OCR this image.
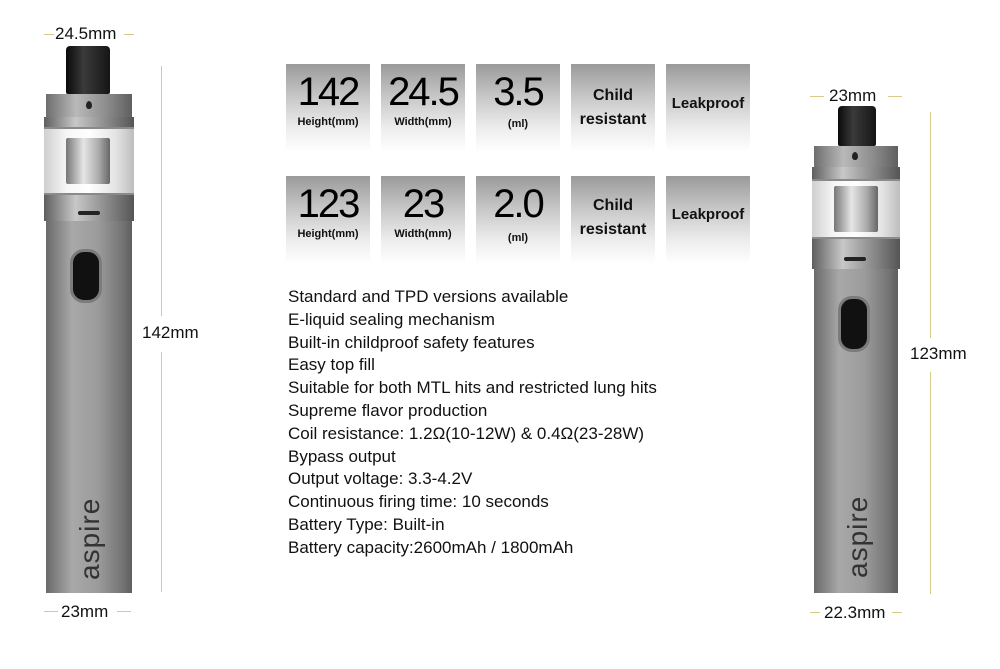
24.5mm
aspire
142mm
23mm
142
Height(mm)
24.5
Width(mm)
3.5
(ml)
Child
resistant
Leakproof
123
Height(mm)
23
Width(mm)
2.0
(ml)
Child
resistant
Leakproof
Standard and TPD versions available
E-liquid sealing mechanism
Built-in childproof safety features
Easy top fill
Suitable for both MTL hits and restricted lung hits
Supreme flavor production
Coil resistance: 1.2Ω(10-12W) & 0.4Ω(23-28W)
Bypass output
Output voltage: 3.3-4.2V
Continuous firing time: 10 seconds
Battery Type: Built-in
Battery capacity:2600mAh / 1800mAh
23mm
aspire
123mm
22.3mm
